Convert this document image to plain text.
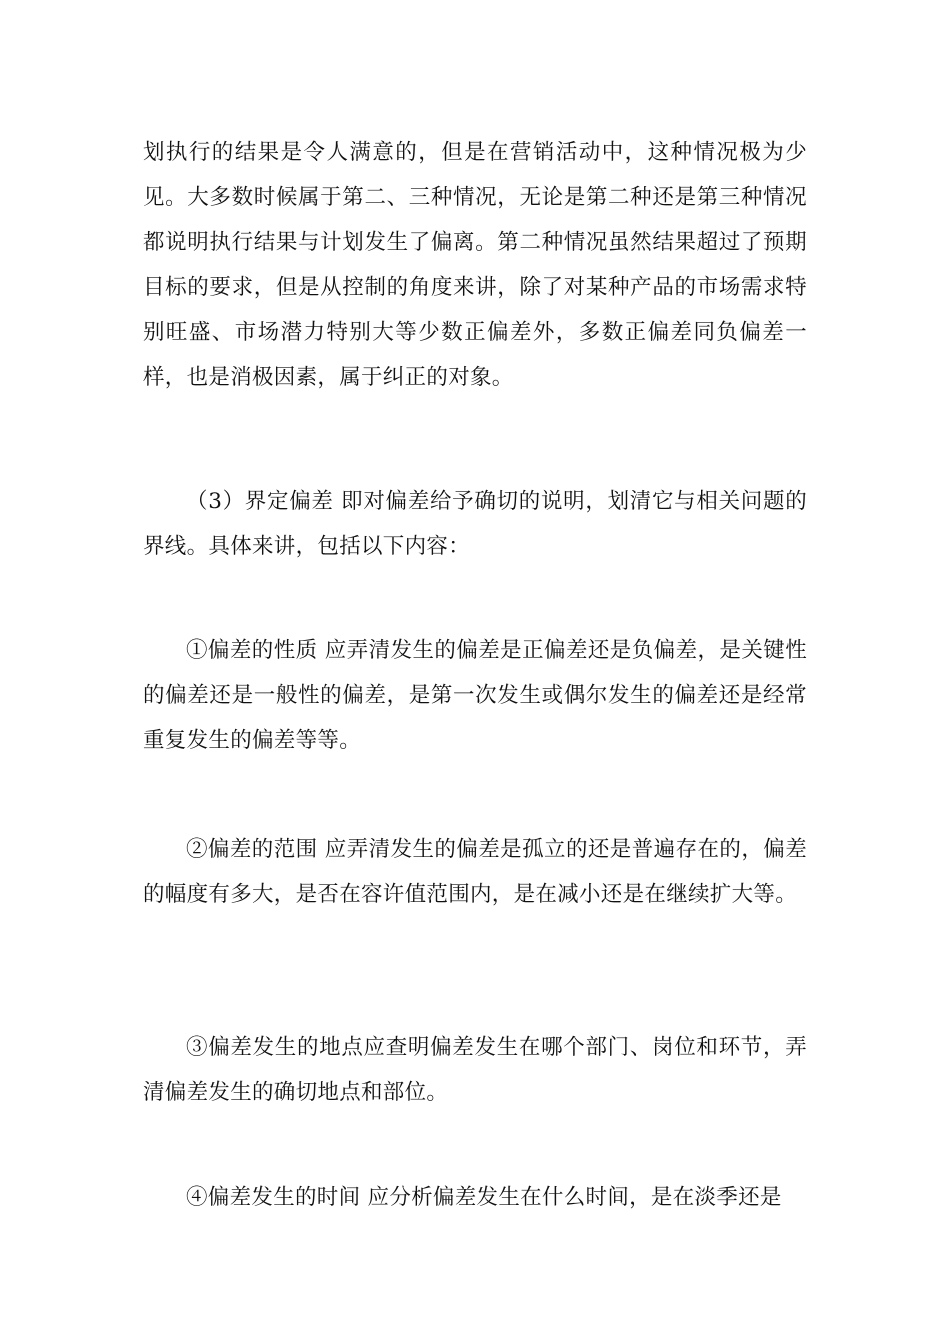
划执行的结果是令人满意的，但是在营销活动中，这种情况极为少见。大多数时候属于第二、三种情况，无论是第二种还是第三种情况都说明执行结果与计划发生了偏离。第二种情况虽然结果超过了预期目标的要求，但是从控制的角度来讲，除了对某种产品的市场需求特别旺盛、市场潜力特别大等少数正偏差外，多数正偏差同负偏差一样，也是消极因素，属于纠正的对象。

（3）界定偏差 即对偏差给予确切的说明，划清它与相关问题的界线。具体来讲，包括以下内容：

①偏差的性质 应弄清发生的偏差是正偏差还是负偏差，是关键性的偏差还是一般性的偏差，是第一次发生或偶尔发生的偏差还是经常重复发生的偏差等等。

②偏差的范围 应弄清发生的偏差是孤立的还是普遍存在的，偏差的幅度有多大，是否在容许值范围内，是在减小还是在继续扩大等。

③偏差发生的地点应查明偏差发生在哪个部门、岗位和环节，弄清偏差发生的确切地点和部位。

④偏差发生的时间 应分析偏差发生在什么时间，是在淡季还是
